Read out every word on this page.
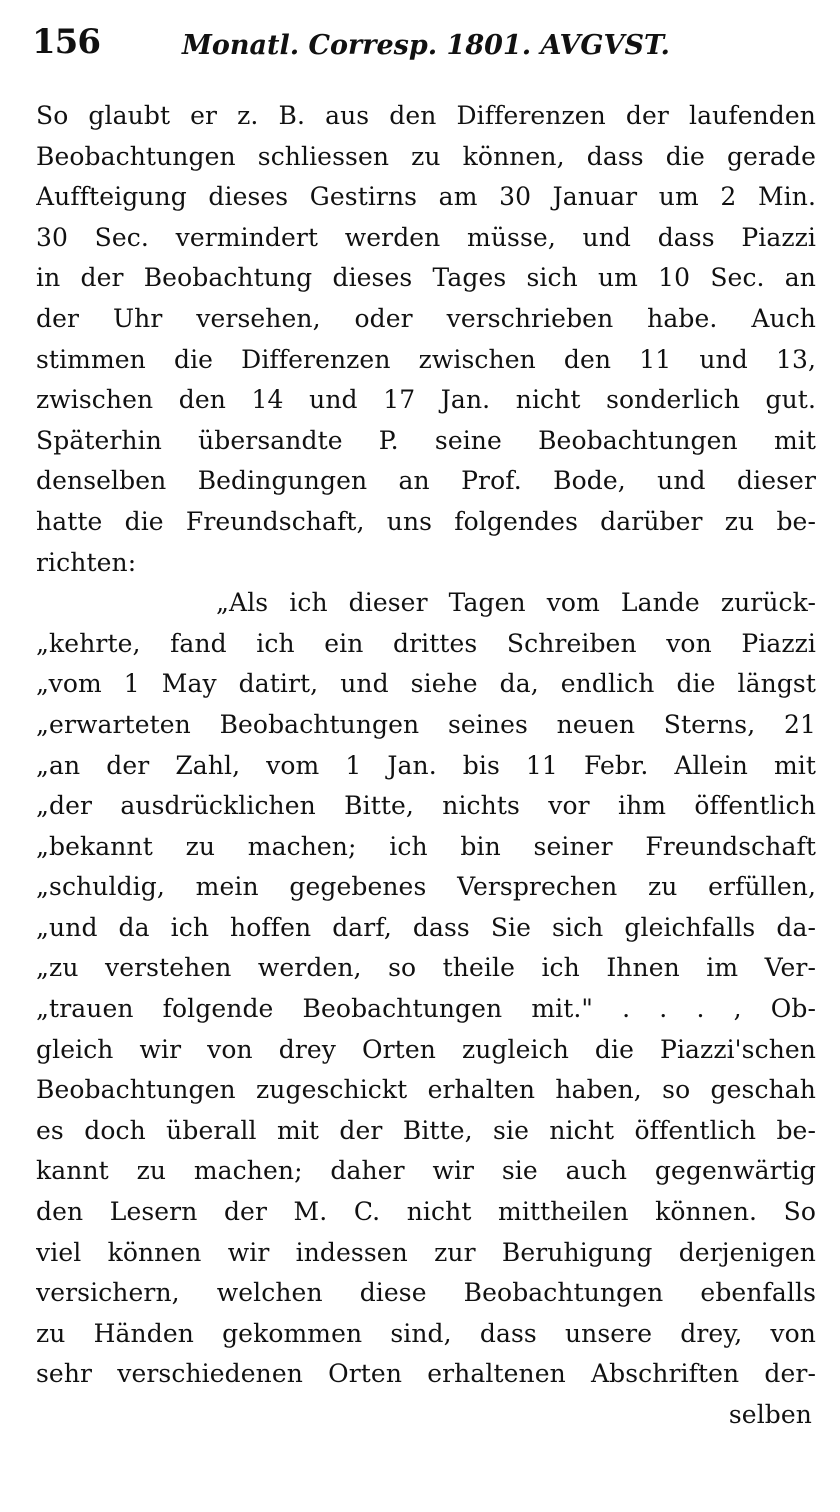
156	Monatl. Corresp. 1801. AVGVST.
So glaubt er z. B. aus den Differenzen der laufenden
Beobachtungen schliessen zu können, dass die gerade
Auffteigung dieses Gestirns am 30 Januar um 2 Min.
30 Sec. vermindert werden müsse, und dass Piazzi
in der Beobachtung dieses Tages sich um 10 Sec. an
der Uhr versehen, oder verschrieben habe. Auch
stimmen die Differenzen zwischen den 11 und 13,
zwischen den 14 und 17 Jan. nicht sonderlich gut.
Späterhin übersandte P. seine Beobachtungen mit
denselben Bedingungen an Prof. Bode, und dieser
hatte die Freundschaft, uns folgendes darüber zu be-
richten:
„Als ich dieser Tagen vom Lande zurück-
„kehrte, fand ich ein drittes Schreiben von Piazzi
„vom 1 May datirt, und siehe da, endlich die längst
„erwarteten Beobachtungen seines neuen Sterns, 21
„an der Zahl, vom 1 Jan. bis 11 Febr. Allein mit
„der ausdrücklichen Bitte, nichts vor ihm öffentlich
„bekannt zu machen; ich bin seiner Freundschaft
„schuldig, mein gegebenes Versprechen zu erfüllen,
„und da ich hoffen darf, dass Sie sich gleichfalls da-
„zu verstehen werden, so theile ich Ihnen im Ver-
„trauen folgende Beobachtungen mit." . . . , Ob-
gleich wir von drey Orten zugleich die Piazzi'schen
Beobachtungen zugeschickt erhalten haben, so geschah
es doch überall mit der Bitte, sie nicht öffentlich be-
kannt zu machen; daher wir sie auch gegenwärtig
den Lesern der M. C. nicht mittheilen können. So
viel können wir indessen zur Beruhigung derjenigen
versichern, welchen diese Beobachtungen ebenfalls
zu Händen gekommen sind, dass unsere drey, von
sehr verschiedenen Orten erhaltenen Abschriften der-
selben
